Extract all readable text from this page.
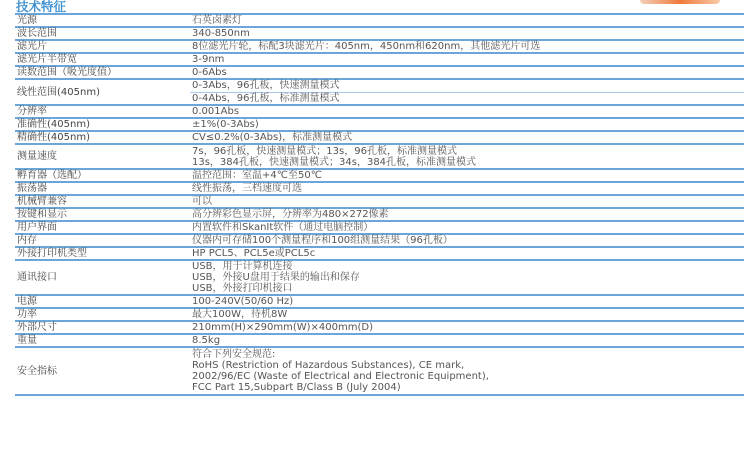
技术特征
光源	石英卤素灯

波长范围	340-850nm

滤光片	8位滤光片轮，标配3块滤光片：405nm，450nm和620nm，其他滤光片可选

滤光片半带宽	3-9nm

读数范围（吸光度值）	0-6Abs

线性范围(405nm)	0-3Abs，96孔板，快速测量模式
	0-4Abs，96孔板，标准测量模式
分辨率	0.001Abs

准确性(405nm)	±1%(0-3Abs)

精确性(405nm)	CV≤0.2%(0-3Abs)，标准测量模式

测量速度	7s，96孔板，快速测量模式；13s，96孔板，标准测量模式
13s，384孔板，快速测量模式；34s，384孔板，标准测量模式

孵育器（选配）	温控范围：室温+4℃至50℃

振荡器	线性振荡，三档速度可选

机械臂兼容	可以

按键和显示	高分辨彩色显示屏，分辨率为480×272像素

用户界面	内置软件和SkanIt软件（通过电脑控制）

内存	仪器内可存储100个测量程序和100组测量结果（96孔板）

外接打印机类型	HP PCL5、PCL5e或PCL5c

通讯接口	USB，用于计算机连接
USB，外接U盘用于结果的输出和保存
USB，外接打印机接口

电源	100-240V(50/60 Hz)

功率	最大100W，待机8W

外部尺寸	210mm(H)×290mm(W)×400mm(D)

重量	8.5kg

安全指标	符合下列安全规范:
RoHS (Restriction of Hazardous Substances), CE mark,
2002/96/EC (Waste of Electrical and Electronic Equipment),
FCC Part 15,Subpart B/Class B (July 2004)
